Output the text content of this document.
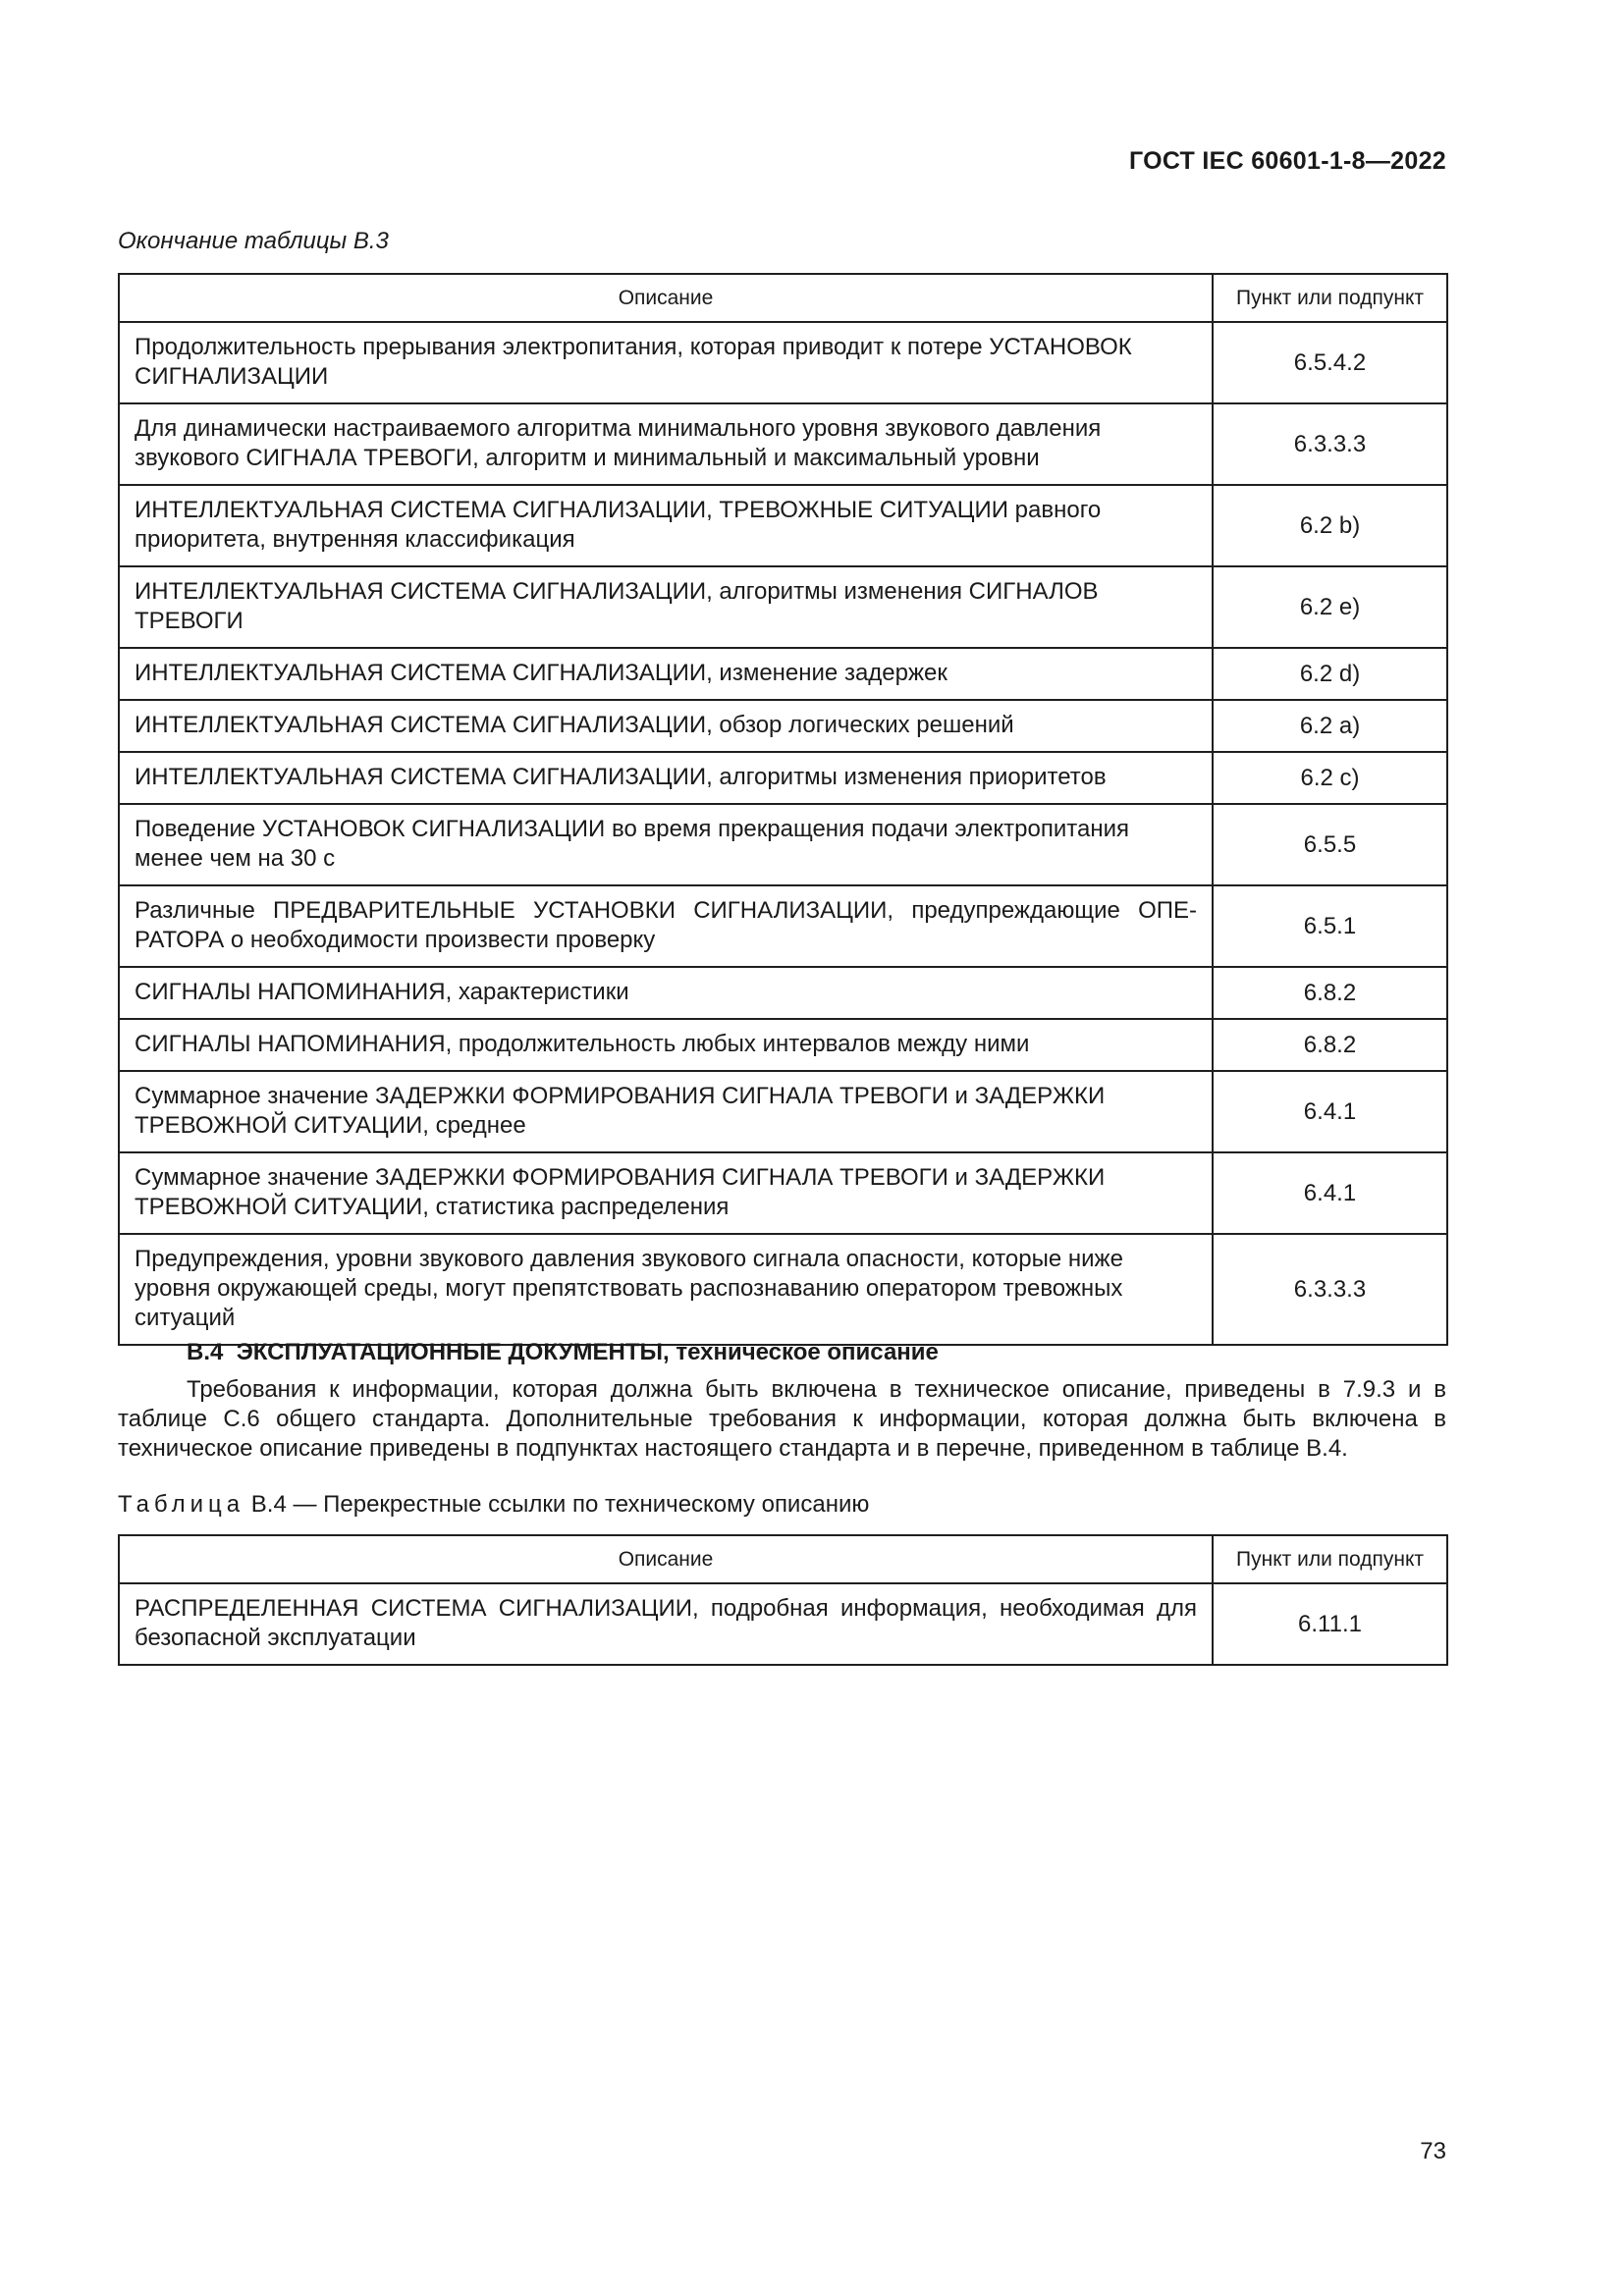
ГОСТ IEC 60601-1-8—2022
Окончание таблицы В.3
Описание	Пункт или подпункт
Продолжительность прерывания электропитания, которая приводит к потере УСТАНОВОК СИГНАЛИЗАЦИИ	6.5.4.2
Для динамически настраиваемого алгоритма минимального уровня звукового давления звукового СИГНАЛА ТРЕВОГИ, алгоритм и минимальный и максимальный уровни	6.3.3.3
ИНТЕЛЛЕКТУАЛЬНАЯ СИСТЕМА СИГНАЛИЗАЦИИ, ТРЕВОЖНЫЕ СИТУАЦИИ равного приоритета, внутренняя классификация	6.2 b)
ИНТЕЛЛЕКТУАЛЬНАЯ СИСТЕМА СИГНАЛИЗАЦИИ, алгоритмы изменения СИГНАЛОВ ТРЕВОГИ	6.2 e)
ИНТЕЛЛЕКТУАЛЬНАЯ СИСТЕМА СИГНАЛИЗАЦИИ, изменение задержек	6.2 d)
ИНТЕЛЛЕКТУАЛЬНАЯ СИСТЕМА СИГНАЛИЗАЦИИ, обзор логических решений	6.2 a)
ИНТЕЛЛЕКТУАЛЬНАЯ СИСТЕМА СИГНАЛИЗАЦИИ, алгоритмы изменения приоритетов	6.2 c)
Поведение УСТАНОВОК СИГНАЛИЗАЦИИ во время прекращения подачи электропитания менее чем на 30 с	6.5.5
Различные ПРЕДВАРИТЕЛЬНЫЕ УСТАНОВКИ СИГНАЛИЗАЦИИ, предупреждающие ОПЕРАТОРА о необходимости произвести проверку	6.5.1
СИГНАЛЫ НАПОМИНАНИЯ, характеристики	6.8.2
СИГНАЛЫ НАПОМИНАНИЯ, продолжительность любых интервалов между ними	6.8.2
Суммарное значение ЗАДЕРЖКИ ФОРМИРОВАНИЯ СИГНАЛА ТРЕВОГИ и ЗАДЕРЖКИ ТРЕВОЖНОЙ СИТУАЦИИ, среднее	6.4.1
Суммарное значение ЗАДЕРЖКИ ФОРМИРОВАНИЯ СИГНАЛА ТРЕВОГИ и ЗАДЕРЖКИ ТРЕВОЖНОЙ СИТУАЦИИ, статистика распределения	6.4.1
Предупреждения, уровни звукового давления звукового сигнала опасности, которые ниже уровня окружающей среды, могут препятствовать распознаванию оператором тревожных ситуаций	6.3.3.3
В.4 ЭКСПЛУАТАЦИОННЫЕ ДОКУМЕНТЫ, техническое описание

Требования к информации, которая должна быть включена в техническое описание, приведены в 7.9.3 и в таблице С.6 общего стандарта. Дополнительные требования к информации, которая должна быть включена в техническое описание приведены в подпунктах настоящего стандарта и в перечне, приведенном в таблице В.4.

Таблица В.4 — Перекрестные ссылки по техническому описанию
Описание	Пункт или подпункт
РАСПРЕДЕЛЕННАЯ СИСТЕМА СИГНАЛИЗАЦИИ, подробная информация, необходимая для безопасной эксплуатации	6.11.1
73
